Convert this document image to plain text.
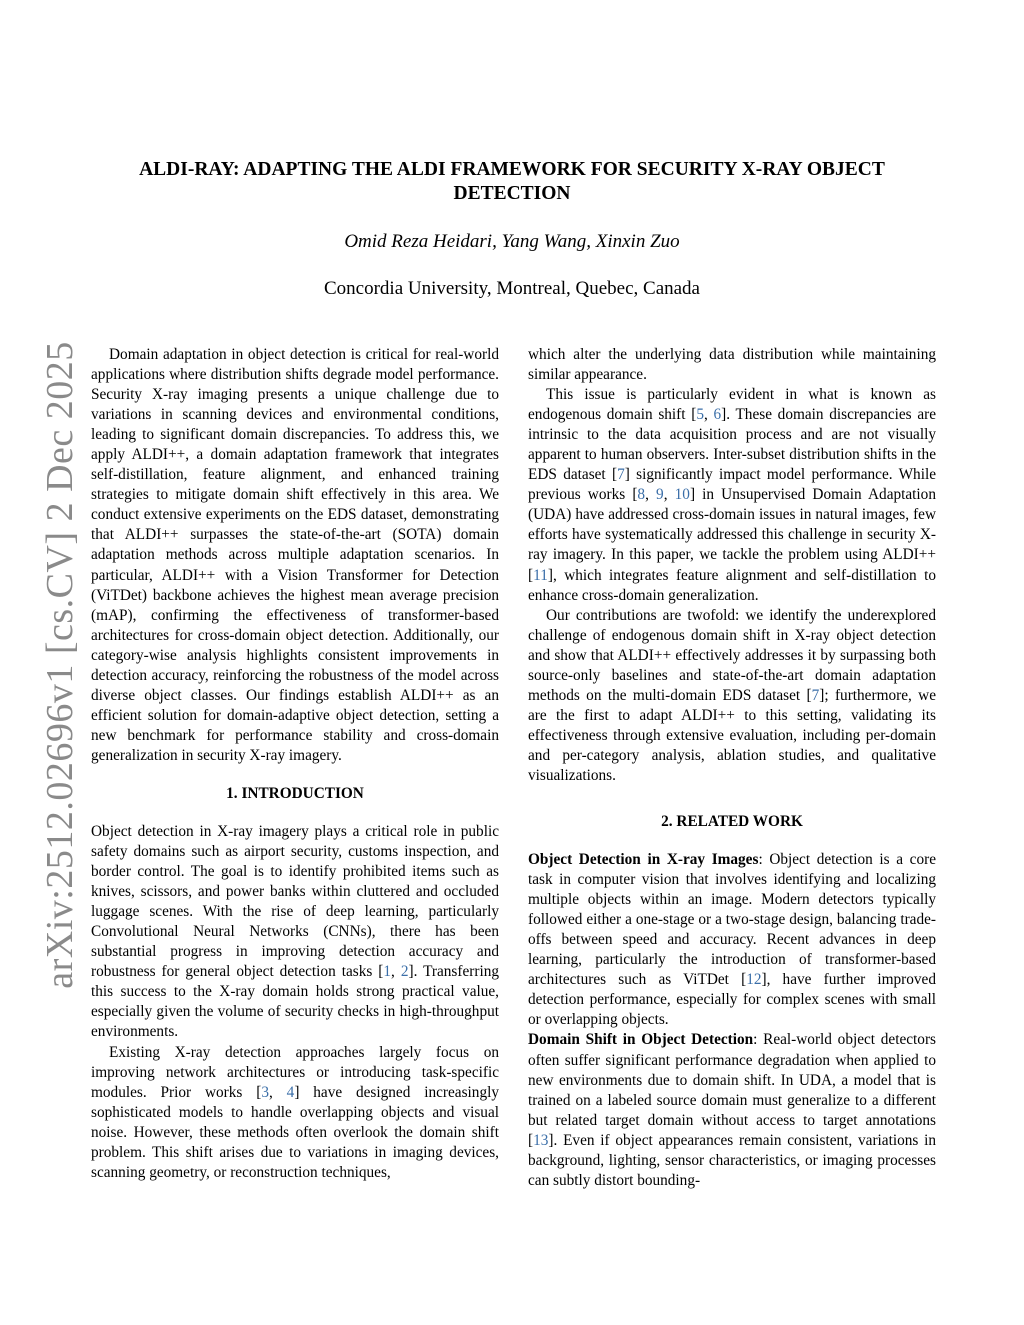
arXiv:2512.02696v1 [cs.CV] 2 Dec 2025
ALDI-RAY: ADAPTING THE ALDI FRAMEWORK FOR SECURITY X-RAY OBJECT DETECTION
Omid Reza Heidari, Yang Wang, Xinxin Zuo
Concordia University, Montreal, Quebec, Canada

Domain adaptation in object detection is critical for real-world applications where distribution shifts degrade model performance. Security X-ray imaging presents a unique challenge due to variations in scanning devices and environmental conditions, leading to significant domain discrepancies. To address this, we apply ALDI++, a domain adaptation framework that integrates self-distillation, feature alignment, and enhanced training strategies to mitigate domain shift effectively in this area. We conduct extensive experiments on the EDS dataset, demonstrating that ALDI++ surpasses the state-of-the-art (SOTA) domain adaptation methods across multiple adaptation scenarios. In particular, ALDI++ with a Vision Transformer for Detection (ViTDet) backbone achieves the highest mean average precision (mAP), confirming the effectiveness of transformer-based architectures for cross-domain object detection. Additionally, our category-wise analysis highlights consistent improvements in detection accuracy, reinforcing the robustness of the model across diverse object classes. Our findings establish ALDI++ as an efficient solution for domain-adaptive object detection, setting a new benchmark for performance stability and cross-domain generalization in security X-ray imagery.

1. INTRODUCTION

Object detection in X-ray imagery plays a critical role in public safety domains such as airport security, customs inspection, and border control. The goal is to identify prohibited items such as knives, scissors, and power banks within cluttered and occluded luggage scenes. With the rise of deep learning, particularly Convolutional Neural Networks (CNNs), there has been substantial progress in improving detection accuracy and robustness for general object detection tasks [1, 2]. Transferring this success to the X-ray domain holds strong practical value, especially given the volume of security checks in high-throughput environments.

Existing X-ray detection approaches largely focus on improving network architectures or introducing task-specific modules. Prior works [3, 4] have designed increasingly sophisticated models to handle overlapping objects and visual noise. However, these methods often overlook the domain shift problem. This shift arises due to variations in imaging devices, scanning geometry, or reconstruction techniques,

which alter the underlying data distribution while maintaining similar appearance.

This issue is particularly evident in what is known as endogenous domain shift [5, 6]. These domain discrepancies are intrinsic to the data acquisition process and are not visually apparent to human observers. Inter-subset distribution shifts in the EDS dataset [7] significantly impact model performance. While previous works [8, 9, 10] in Unsupervised Domain Adaptation (UDA) have addressed cross-domain issues in natural images, few efforts have systematically addressed this challenge in security X-ray imagery. In this paper, we tackle the problem using ALDI++ [11], which integrates feature alignment and self-distillation to enhance cross-domain generalization.

Our contributions are twofold: we identify the underexplored challenge of endogenous domain shift in X-ray object detection and show that ALDI++ effectively addresses it by surpassing both source-only baselines and state-of-the-art domain adaptation methods on the multi-domain EDS dataset [7]; furthermore, we are the first to adapt ALDI++ to this setting, validating its effectiveness through extensive evaluation, including per-domain and per-category analysis, ablation studies, and qualitative visualizations.

2. RELATED WORK

Object Detection in X-ray Images: Object detection is a core task in computer vision that involves identifying and localizing multiple objects within an image. Modern detectors typically followed either a one-stage or a two-stage design, balancing trade-offs between speed and accuracy. Recent advances in deep learning, particularly the introduction of transformer-based architectures such as ViTDet [12], have further improved detection performance, especially for complex scenes with small or overlapping objects.

Domain Shift in Object Detection: Real-world object detectors often suffer significant performance degradation when applied to new environments due to domain shift. In UDA, a model that is trained on a labeled source domain must generalize to a different but related target domain without access to target annotations [13]. Even if object appearances remain consistent, variations in background, lighting, sensor characteristics, or imaging processes can subtly distort bounding-
